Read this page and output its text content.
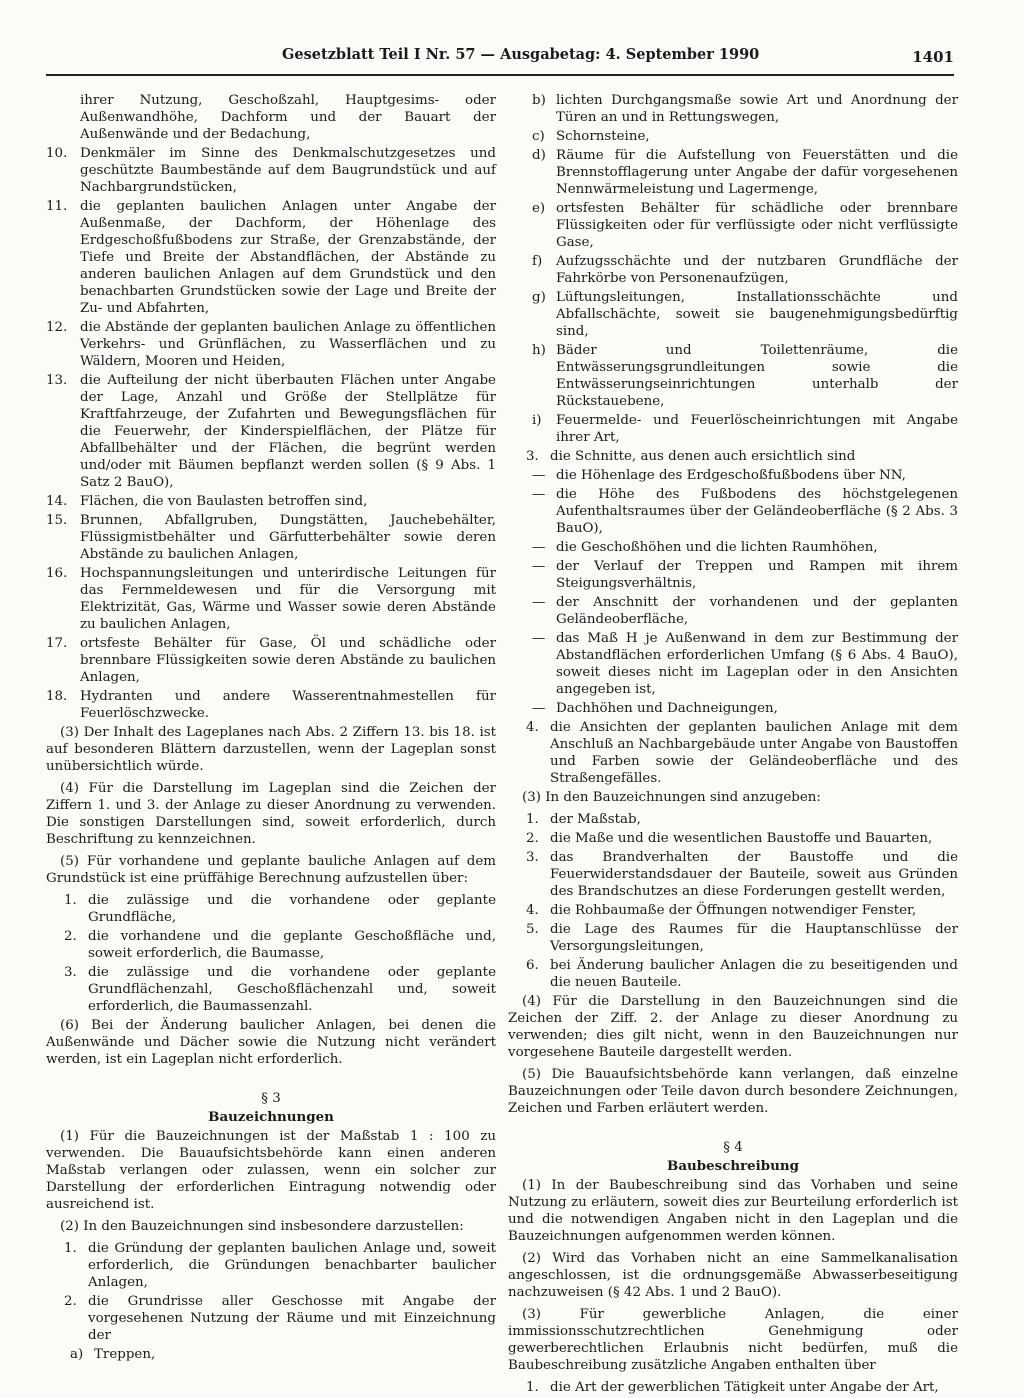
Gesetzblatt Teil I Nr. 57 — Ausgabetag: 4. September 1990	1401
ihrer Nutzung, Geschoßzahl, Hauptgesims- oder Außenwandhöhe, Dachform und der Bauart der Außenwände und der Bedachung,
10. Denkmäler im Sinne des Denkmalschutzgesetzes und geschützte Baumbestände auf dem Baugrundstück und auf Nachbargrundstücken,
11. die geplanten baulichen Anlagen unter Angabe der Außenmaße, der Dachform, der Höhenlage des Erdgeschoßfußbodens zur Straße, der Grenzabstände, der Tiefe und Breite der Abstandflächen, der Abstände zu anderen baulichen Anlagen auf dem Grundstück und den benachbarten Grundstücken sowie der Lage und Breite der Zu- und Abfahrten,
12. die Abstände der geplanten baulichen Anlage zu öffentlichen Verkehrs- und Grünflächen, zu Wasserflächen und zu Wäldern, Mooren und Heiden,
13. die Aufteilung der nicht überbauten Flächen unter Angabe der Lage, Anzahl und Größe der Stellplätze für Kraftfahrzeuge, der Zufahrten und Bewegungsflächen für die Feuerwehr, der Kinderspielflächen, der Plätze für Abfallbehälter und der Flächen, die begrünt werden und/oder mit Bäumen bepflanzt werden sollen (§ 9 Abs. 1 Satz 2 BauO),
14. Flächen, die von Baulasten betroffen sind,
15. Brunnen, Abfallgruben, Dungstätten, Jauchebehälter, Flüssigmistbehälter und Gärfutterbehälter sowie deren Abstände zu baulichen Anlagen,
16. Hochspannungsleitungen und unterirdische Leitungen für das Fernmeldewesen und für die Versorgung mit Elektrizität, Gas, Wärme und Wasser sowie deren Abstände zu baulichen Anlagen,
17. ortsfeste Behälter für Gase, Öl und schädliche oder brennbare Flüssigkeiten sowie deren Abstände zu baulichen Anlagen,
18. Hydranten und andere Wasserentnahmestellen für Feuerlöschzwecke.
(3) Der Inhalt des Lageplanes nach Abs. 2 Ziffern 13. bis 18. ist auf besonderen Blättern darzustellen, wenn der Lageplan sonst unübersichtlich würde.
(4) Für die Darstellung im Lageplan sind die Zeichen der Ziffern 1. und 3. der Anlage zu dieser Anordnung zu verwenden. Die sonstigen Darstellungen sind, soweit erforderlich, durch Beschriftung zu kennzeichnen.
(5) Für vorhandene und geplante bauliche Anlagen auf dem Grundstück ist eine prüffähige Berechnung aufzustellen über:
1. die zulässige und die vorhandene oder geplante Grundfläche,
2. die vorhandene und die geplante Geschoßfläche und, soweit erforderlich, die Baumasse,
3. die zulässige und die vorhandene oder geplante Grundflächenzahl, Geschoßflächenzahl und, soweit erforderlich, die Baumassenzahl.
(6) Bei der Änderung baulicher Anlagen, bei denen die Außenwände und Dächer sowie die Nutzung nicht verändert werden, ist ein Lageplan nicht erforderlich.
§ 3
Bauzeichnungen
(1) Für die Bauzeichnungen ist der Maßstab 1 : 100 zu verwenden. Die Bauaufsichtsbehörde kann einen anderen Maßstab verlangen oder zulassen, wenn ein solcher zur Darstellung der erforderlichen Eintragung notwendig oder ausreichend ist.
(2) In den Bauzeichnungen sind insbesondere darzustellen:
1. die Gründung der geplanten baulichen Anlage und, soweit erforderlich, die Gründungen benachbarter baulicher Anlagen,
2. die Grundrisse aller Geschosse mit Angabe der vorgesehenen Nutzung der Räume und mit Einzeichnung der
a) Treppen,
b) lichten Durchgangsmaße sowie Art und Anordnung der Türen an und in Rettungswegen,
c) Schornsteine,
d) Räume für die Aufstellung von Feuerstätten und die Brennstofflagerung unter Angabe der dafür vorgesehenen Nennwärmeleistung und Lagermenge,
e) ortsfesten Behälter für schädliche oder brennbare Flüssigkeiten oder für verflüssigte oder nicht verflüssigte Gase,
f) Aufzugsschächte und der nutzbaren Grundfläche der Fahrkörbe von Personenaufzügen,
g) Lüftungsleitungen, Installationsschächte und Abfallschächte, soweit sie baugenehmigungsbedürftig sind,
h) Bäder und Toilettenräume, die Entwässerungsgrundleitungen sowie die Entwässerungseinrichtungen unterhalb der Rückstauebene,
i) Feuermelde- und Feuerlöscheinrichtungen mit Angabe ihrer Art,
3. die Schnitte, aus denen auch ersichtlich sind
— die Höhenlage des Erdgeschoßfußbodens über NN,
— die Höhe des Fußbodens des höchstgelegenen Aufenthaltsraumes über der Geländeoberfläche (§ 2 Abs. 3 BauO),
— die Geschoßhöhen und die lichten Raumhöhen,
— der Verlauf der Treppen und Rampen mit ihrem Steigungsverhältnis,
— der Anschnitt der vorhandenen und der geplanten Geländeoberfläche,
— das Maß H je Außenwand in dem zur Bestimmung der Abstandflächen erforderlichen Umfang (§ 6 Abs. 4 BauO), soweit dieses nicht im Lageplan oder in den Ansichten angegeben ist,
— Dachhöhen und Dachneigungen,
4. die Ansichten der geplanten baulichen Anlage mit dem Anschluß an Nachbargebäude unter Angabe von Baustoffen und Farben sowie der Geländeoberfläche und des Straßengefälles.
(3) In den Bauzeichnungen sind anzugeben:
1. der Maßstab,
2. die Maße und die wesentlichen Baustoffe und Bauarten,
3. das Brandverhalten der Baustoffe und die Feuerwiderstandsdauer der Bauteile, soweit aus Gründen des Brandschutzes an diese Forderungen gestellt werden,
4. die Rohbaumaße der Öffnungen notwendiger Fenster,
5. die Lage des Raumes für die Hauptanschlüsse der Versorgungsleitungen,
6. bei Änderung baulicher Anlagen die zu beseitigenden und die neuen Bauteile.
(4) Für die Darstellung in den Bauzeichnungen sind die Zeichen der Ziff. 2. der Anlage zu dieser Anordnung zu verwenden; dies gilt nicht, wenn in den Bauzeichnungen nur vorgesehene Bauteile dargestellt werden.
(5) Die Bauaufsichtsbehörde kann verlangen, daß einzelne Bauzeichnungen oder Teile davon durch besondere Zeichnungen, Zeichen und Farben erläutert werden.
§ 4
Baubeschreibung
(1) In der Baubeschreibung sind das Vorhaben und seine Nutzung zu erläutern, soweit dies zur Beurteilung erforderlich ist und die notwendigen Angaben nicht in den Lageplan und die Bauzeichnungen aufgenommen werden können.
(2) Wird das Vorhaben nicht an eine Sammelkanalisation angeschlossen, ist die ordnungsgemäße Abwasserbeseitigung nachzuweisen (§ 42 Abs. 1 und 2 BauO).
(3) Für gewerbliche Anlagen, die einer immissionsschutzrechtlichen Genehmigung oder gewerberechtlichen Erlaubnis nicht bedürfen, muß die Baubeschreibung zusätzliche Angaben enthalten über
1. die Art der gewerblichen Tätigkeit unter Angabe der Art,
